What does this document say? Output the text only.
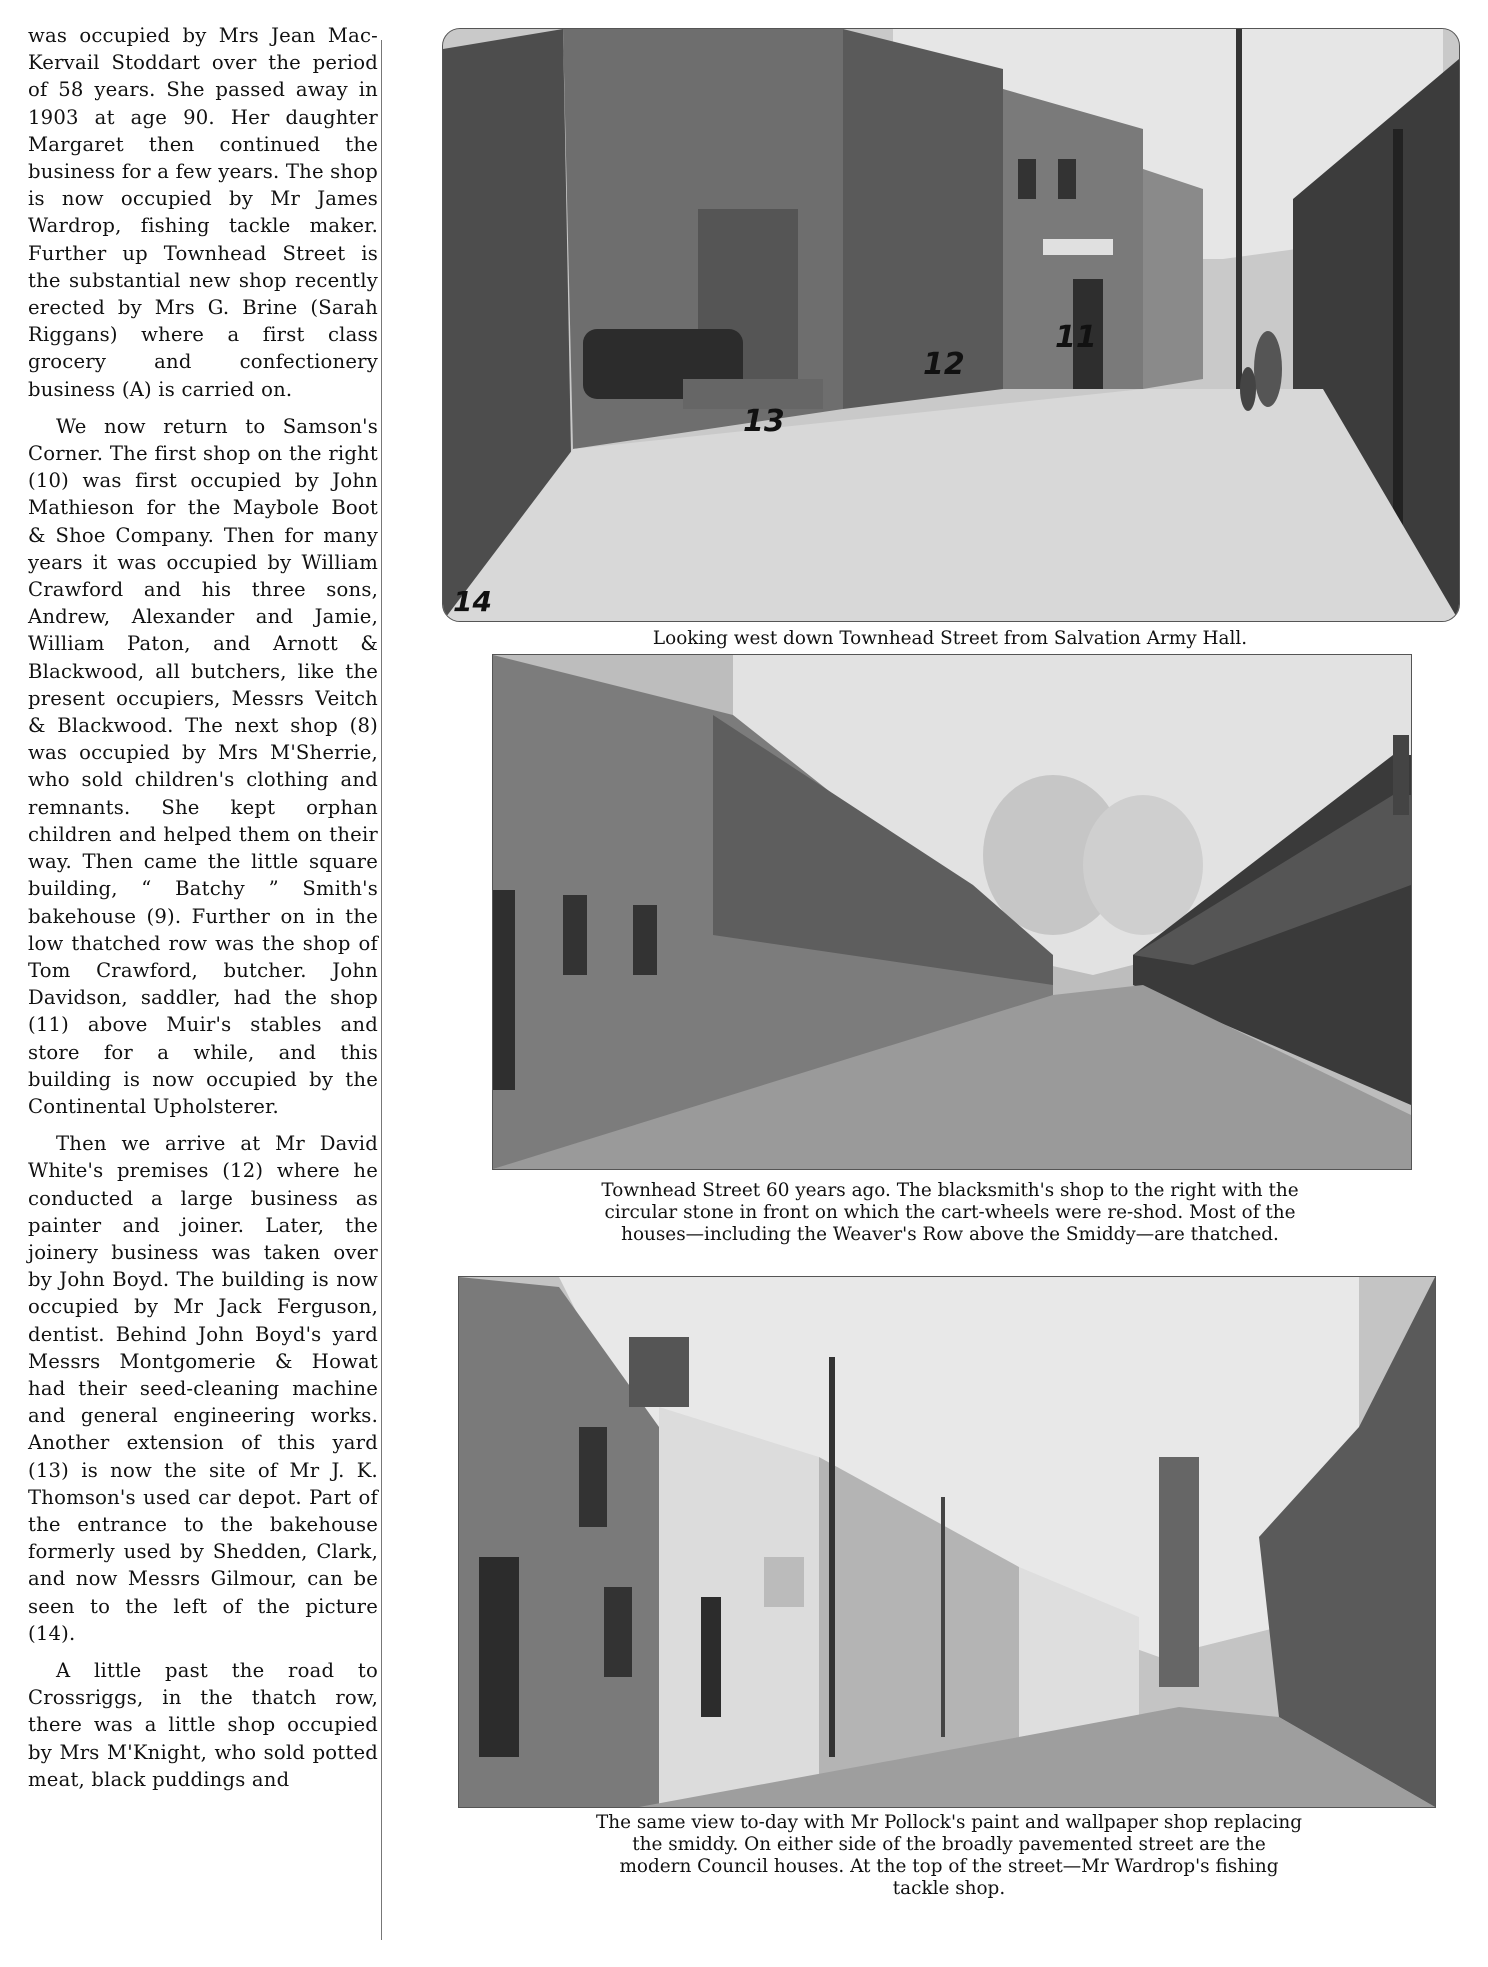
was occupied by Mrs Jean Mac-Kervail Stoddart over the period of 58 years. She passed away in 1903 at age 90. Her daughter Margaret then continued the business for a few years. The shop is now occupied by Mr James Wardrop, fishing tackle maker. Further up Townhead Street is the substantial new shop recently erected by Mrs G. Brine (Sarah Riggans) where a first class grocery and confectionery business (A) is carried on.

We now return to Samson's Corner. The first shop on the right (10) was first occupied by John Mathieson for the Maybole Boot & Shoe Company. Then for many years it was occupied by William Crawford and his three sons, Andrew, Alexander and Jamie, William Paton, and Arnott & Blackwood, all butchers, like the present occupiers, Messrs Veitch & Blackwood. The next shop (8) was occupied by Mrs M'Sherrie, who sold children's clothing and remnants. She kept orphan children and helped them on their way. Then came the little square building, “ Batchy ” Smith's bakehouse (9). Further on in the low thatched row was the shop of Tom Crawford, butcher. John Davidson, saddler, had the shop (11) above Muir's stables and store for a while, and this building is now occupied by the Continental Upholsterer.

Then we arrive at Mr David White's premises (12) where he conducted a large business as painter and joiner. Later, the joinery business was taken over by John Boyd. The building is now occupied by Mr Jack Ferguson, dentist. Behind John Boyd's yard Messrs Montgomerie & Howat had their seed-cleaning machine and general engineering works. Another extension of this yard (13) is now the site of Mr J. K. Thomson's used car depot. Part of the entrance to the bakehouse formerly used by Shedden, Clark, and now Messrs Gilmour, can be seen to the left of the picture (14).

A little past the road to Crossriggs, in the thatch row, there was a little shop occupied by Mrs M'Knight, who sold potted meat, black puddings and

11
12
13
14
Looking west down Townhead Street from Salvation Army Hall.
Townhead Street 60 years ago. The blacksmith's shop to the right with the circular stone in front on which the cart-wheels were re-shod. Most of the houses—including the Weaver's Row above the Smiddy—are thatched.
The same view to-day with Mr Pollock's paint and wallpaper shop replacing the smiddy. On either side of the broadly pavemented street are the modern Council houses. At the top of the street—Mr Wardrop's fishing tackle shop.
